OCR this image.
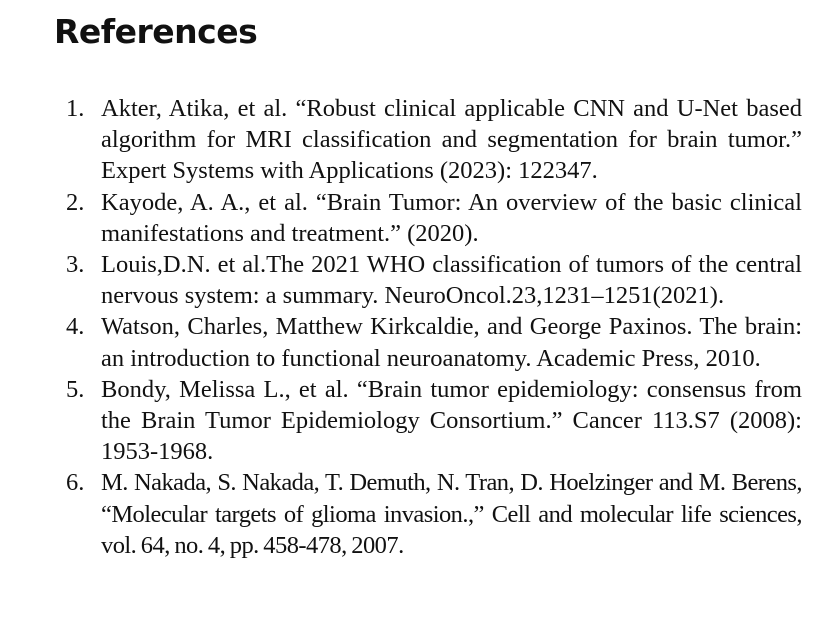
References
1. Akter, Atika, et al. “Robust clinical applicable CNN and U-Net based algorithm for MRI classification and segmentation for brain tumor.” Expert Systems with Applications (2023): 122347.
2. Kayode, A. A., et al. “Brain Tumor: An overview of the basic clinical manifestations and treatment.” (2020).
3. Louis,D.N. et al.The 2021 WHO classification of tumors of the central nervous system: a summary. NeuroOncol.23,1231–1251(2021).
4. Watson, Charles, Matthew Kirkcaldie, and George Paxinos. The brain: an introduction to functional neuroanatomy. Academic Press, 2010.
5. Bondy, Melissa L., et al. “Brain tumor epidemiology: consensus from the Brain Tumor Epidemiology Consortium.” Cancer 113.S7 (2008): 1953-1968.
6. M. Nakada, S. Nakada, T. Demuth, N. Tran, D. Hoelzinger and M. Berens, “Molecular targets of glioma invasion.,” Cell and molecular life sciences, vol. 64, no. 4, pp. 458-478, 2007.
